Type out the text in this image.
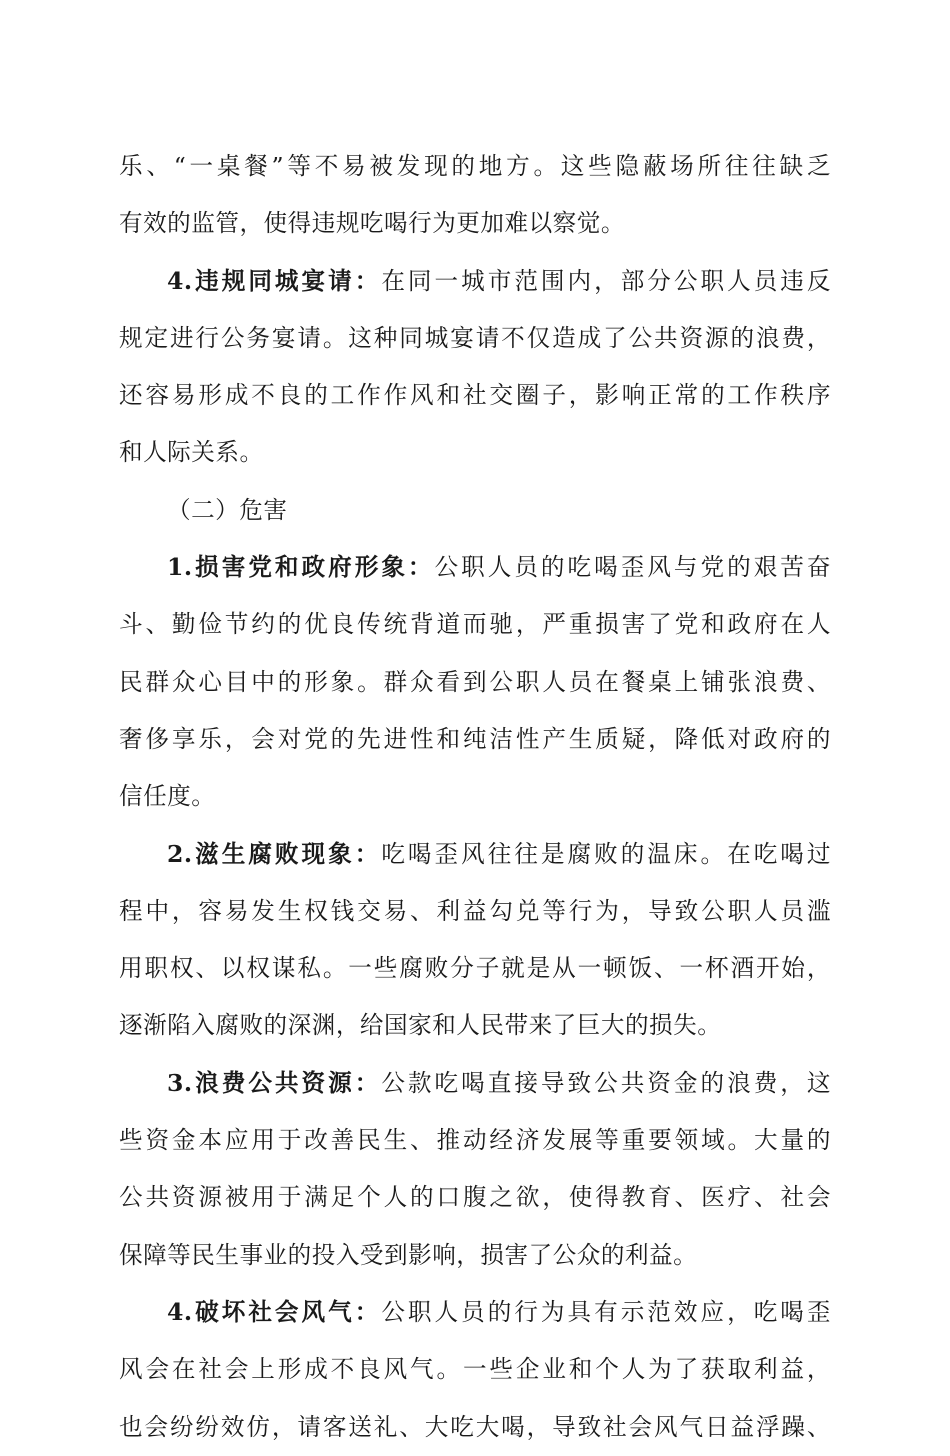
乐、“一桌餐”等不易被发现的地方。这些隐蔽场所往往缺乏
有效的监管，使得违规吃喝行为更加难以察觉。
4.违规同城宴请：在同一城市范围内，部分公职人员违反
规定进行公务宴请。这种同城宴请不仅造成了公共资源的浪费，
还容易形成不良的工作作风和社交圈子，影响正常的工作秩序
和人际关系。
（二）危害
1.损害党和政府形象：公职人员的吃喝歪风与党的艰苦奋
斗、勤俭节约的优良传统背道而驰，严重损害了党和政府在人
民群众心目中的形象。群众看到公职人员在餐桌上铺张浪费、
奢侈享乐，会对党的先进性和纯洁性产生质疑，降低对政府的
信任度。
2.滋生腐败现象：吃喝歪风往往是腐败的温床。在吃喝过
程中，容易发生权钱交易、利益勾兑等行为，导致公职人员滥
用职权、以权谋私。一些腐败分子就是从一顿饭、一杯酒开始，
逐渐陷入腐败的深渊，给国家和人民带来了巨大的损失。
3.浪费公共资源：公款吃喝直接导致公共资金的浪费，这
些资金本应用于改善民生、推动经济发展等重要领域。大量的
公共资源被用于满足个人的口腹之欲，使得教育、医疗、社会
保障等民生事业的投入受到影响，损害了公众的利益。
4.破坏社会风气：公职人员的行为具有示范效应，吃喝歪
风会在社会上形成不良风气。一些企业和个人为了获取利益，
也会纷纷效仿，请客送礼、大吃大喝，导致社会风气日益浮躁、
